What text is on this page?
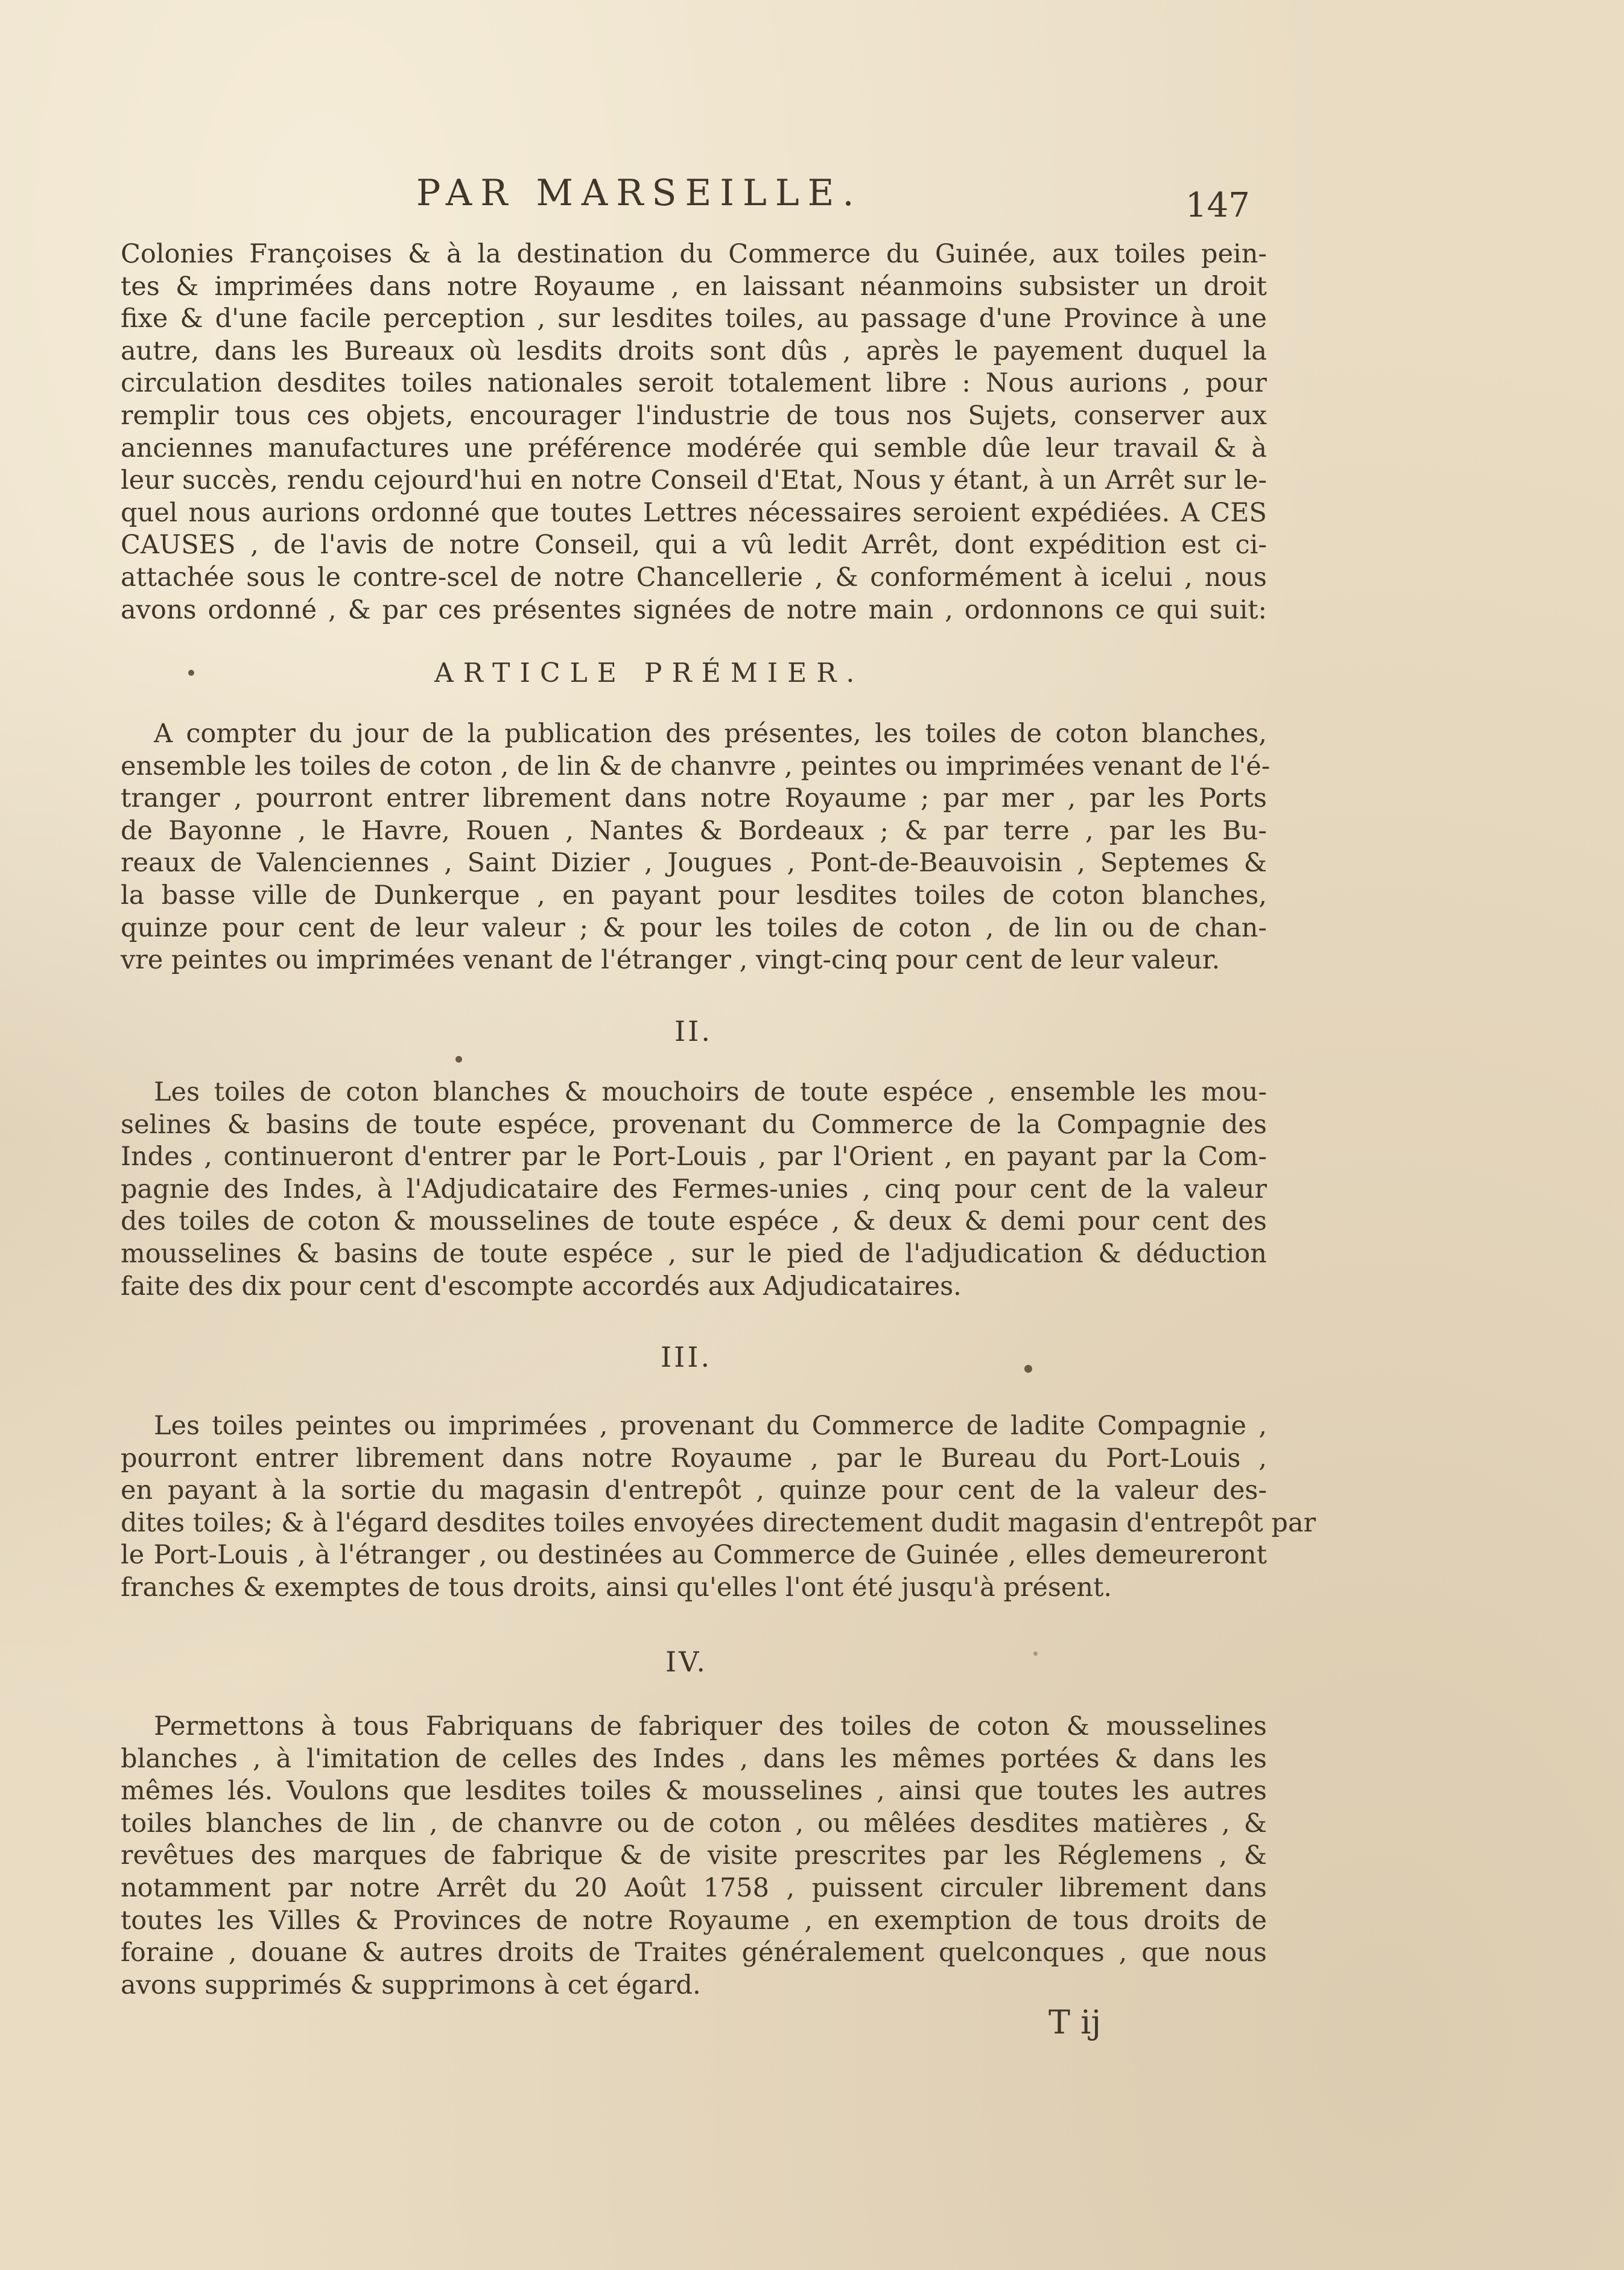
PAR MARSEILLE.	147
Colonies Françoises & à la destination du Commerce du Guinée, aux toiles pein-
tes & imprimées dans notre Royaume , en laissant néanmoins subsister un droit
fixe & d'une facile perception , sur lesdites toiles, au passage d'une Province à une
autre, dans les Bureaux où lesdits droits sont dûs , après le payement duquel la
circulation desdites toiles nationales seroit totalement libre : Nous aurions , pour
remplir tous ces objets, encourager l'industrie de tous nos Sujets, conserver aux
anciennes manufactures une préférence modérée qui semble dûe leur travail & à
leur succès, rendu cejourd'hui en notre Conseil d'Etat, Nous y étant, à un Arrêt sur le-
quel nous aurions ordonné que toutes Lettres nécessaires seroient expédiées. A CES
CAUSES , de l'avis de notre Conseil, qui a vû ledit Arrêt, dont expédition est ci-
attachée sous le contre-scel de notre Chancellerie , & conformément à icelui , nous
avons ordonné , & par ces présentes signées de notre main , ordonnons ce qui suit:
ARTICLE PRÉMIER.
A compter du jour de la publication des présentes, les toiles de coton blanches,
ensemble les toiles de coton , de lin & de chanvre , peintes ou imprimées venant de l'é-
tranger , pourront entrer librement dans notre Royaume ; par mer , par les Ports
de Bayonne , le Havre, Rouen , Nantes & Bordeaux ; & par terre , par les Bu-
reaux de Valenciennes , Saint Dizier , Jougues , Pont-de-Beauvoisin , Septemes &
la basse ville de Dunkerque , en payant pour lesdites toiles de coton blanches,
quinze pour cent de leur valeur ; & pour les toiles de coton , de lin ou de chan-
vre peintes ou imprimées venant de l'étranger , vingt-cinq pour cent de leur valeur.
II.
Les toiles de coton blanches & mouchoirs de toute espéce , ensemble les mou-
selines & basins de toute espéce, provenant du Commerce de la Compagnie des
Indes , continueront d'entrer par le Port-Louis , par l'Orient , en payant par la Com-
pagnie des Indes, à l'Adjudicataire des Fermes-unies , cinq pour cent de la valeur
des toiles de coton & mousselines de toute espéce , & deux & demi pour cent des
mousselines & basins de toute espéce , sur le pied de l'adjudication & déduction
faite des dix pour cent d'escompte accordés aux Adjudicataires.
III.
Les toiles peintes ou imprimées , provenant du Commerce de ladite Compagnie ,
pourront entrer librement dans notre Royaume , par le Bureau du Port-Louis ,
en payant à la sortie du magasin d'entrepôt , quinze pour cent de la valeur des-
dites toiles; & à l'égard desdites toiles envoyées directement dudit magasin d'entrepôt par
le Port-Louis , à l'étranger , ou destinées au Commerce de Guinée , elles demeureront
franches & exemptes de tous droits, ainsi qu'elles l'ont été jusqu'à présent.
IV.
Permettons à tous Fabriquans de fabriquer des toiles de coton & mousselines
blanches , à l'imitation de celles des Indes , dans les mêmes portées & dans les
mêmes lés. Voulons que lesdites toiles & mousselines , ainsi que toutes les autres
toiles blanches de lin , de chanvre ou de coton , ou mêlées desdites matières , &
revêtues des marques de fabrique & de visite prescrites par les Réglemens , &
notamment par notre Arrêt du 20 Août 1758 , puissent circuler librement dans
toutes les Villes & Provinces de notre Royaume , en exemption de tous droits de
foraine , douane & autres droits de Traites généralement quelconques , que nous
avons supprimés & supprimons à cet égard.
T ij
